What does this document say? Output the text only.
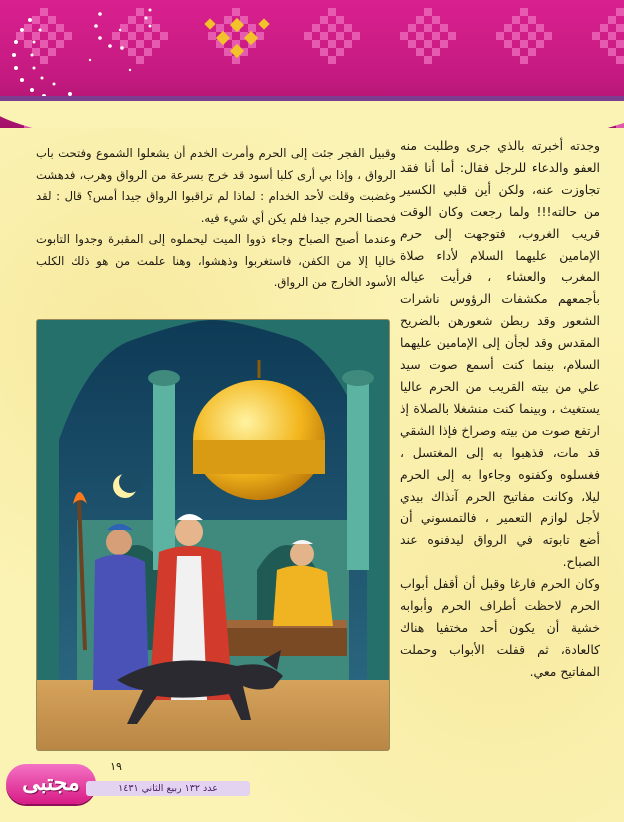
وجدته أخبرته بالذي جرى وطلبت منه العفو والدعاء للرجل فقال: أما أنا فقد تجاوزت عنه، ولكن أين قلبي الكسير من حالته!!! ولما رجعت وكان الوقت قريب الغروب، فتوجهت إلى حرم الإمامين عليهما السلام لأداء صلاة المغرب والعشاء ، فرأيت عياله بأجمعهم مكشفات الرؤوس ناشرات الشعور وقد ربطن شعورهن بالضريح المقدس وقد لجأن إلى الإمامين عليهما السلام، بينما كنت أسمع صوت سيد علي من بيته القريب من الحرم عاليا يستغيث ، وبينما كنت منشغلا بالصلاة إذ ارتفع صوت من بيته وصراخ فإذا الشقي قد مات، فذهبوا به إلى المغتسل ، فغسلوه وكفنوه وجاءوا به إلى الحرم ليلا، وكانت مفاتيح الحرم آنذاك بيدي لأجل لوازم التعمير ، فالتمسوني أن أضع تابوته في الرواق ليدفنوه عند الصباح.

وكان الحرم فارغا وقبل أن أقفل أبواب الحرم لاحظت أطراف الحرم وأبوابه خشية أن يكون أحد مختفيا هناك كالعادة، ثم قفلت الأبواب وحملت المفاتيح معي.

وقبيل الفجر جئت إلى الحرم وأمرت الخدم أن يشعلوا الشموع وفتحت باب الرواق ، وإذا بي أرى كلبا أسود قد خرج بسرعة من الرواق وهرب، فدهشت وغضبت وقلت لأحد الخدام : لماذا لم تراقبوا الرواق جيدا أمس؟ قال : لقد فحصنا الحرم جيدا فلم يكن أي شيء فيه.

وعندما أصبح الصباح وجاء ذووا الميت ليحملوه إلى المقبرة وجدوا التابوت خاليا إلا من الكفن، فاستغربوا وذهشوا، وهنا علمت من هو ذلك الكلب الأسود الخارج من الرواق.

١٩
مجتبى	عدد ١٣٢ ربيع الثاني ١٤٣١
